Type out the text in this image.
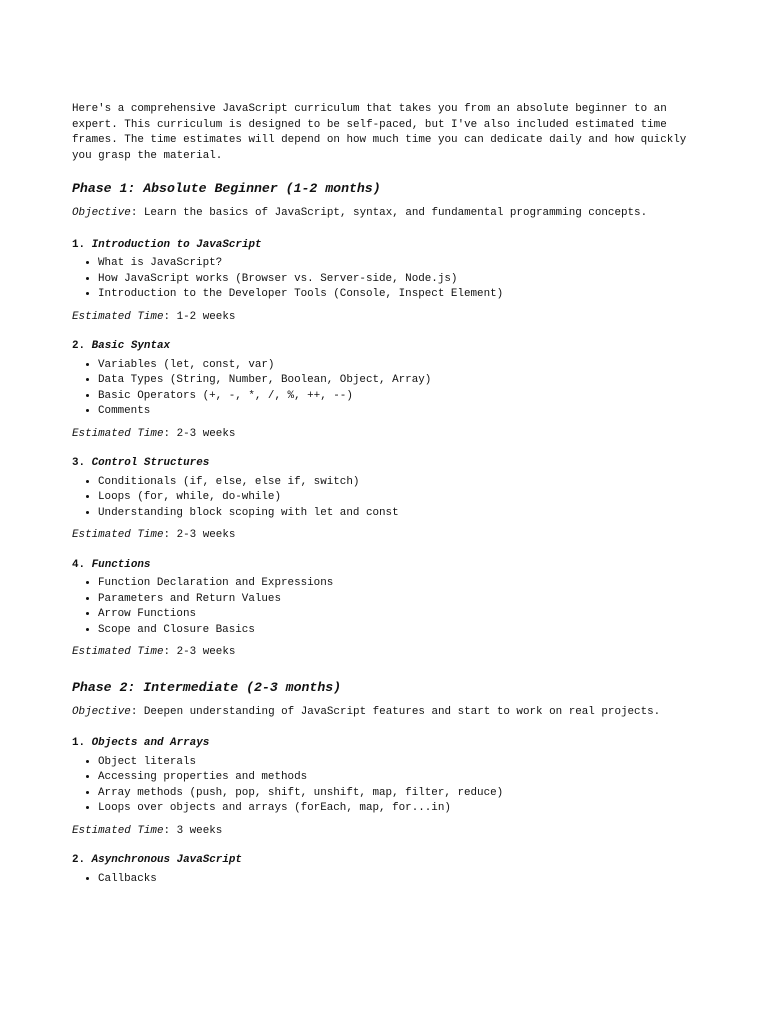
Here's a comprehensive JavaScript curriculum that takes you from an absolute beginner to an expert. This curriculum is designed to be self-paced, but I've also included estimated time frames. The time estimates will depend on how much time you can dedicate daily and how quickly you grasp the material.

Phase 1: Absolute Beginner (1-2 months)

Objective: Learn the basics of JavaScript, syntax, and fundamental programming concepts.

1. Introduction to JavaScript

• What is JavaScript?
• How JavaScript works (Browser vs. Server-side, Node.js)
• Introduction to the Developer Tools (Console, Inspect Element)

Estimated Time: 1-2 weeks

2. Basic Syntax

• Variables (let, const, var)
• Data Types (String, Number, Boolean, Object, Array)
• Basic Operators (+, -, *, /, %, ++, --)
• Comments

Estimated Time: 2-3 weeks

3. Control Structures

• Conditionals (if, else, else if, switch)
• Loops (for, while, do-while)
• Understanding block scoping with let and const

Estimated Time: 2-3 weeks

4. Functions

• Function Declaration and Expressions
• Parameters and Return Values
• Arrow Functions
• Scope and Closure Basics

Estimated Time: 2-3 weeks

Phase 2: Intermediate (2-3 months)

Objective: Deepen understanding of JavaScript features and start to work on real projects.

1. Objects and Arrays

• Object literals
• Accessing properties and methods
• Array methods (push, pop, shift, unshift, map, filter, reduce)
• Loops over objects and arrays (forEach, map, for...in)

Estimated Time: 3 weeks

2. Asynchronous JavaScript

• Callbacks
